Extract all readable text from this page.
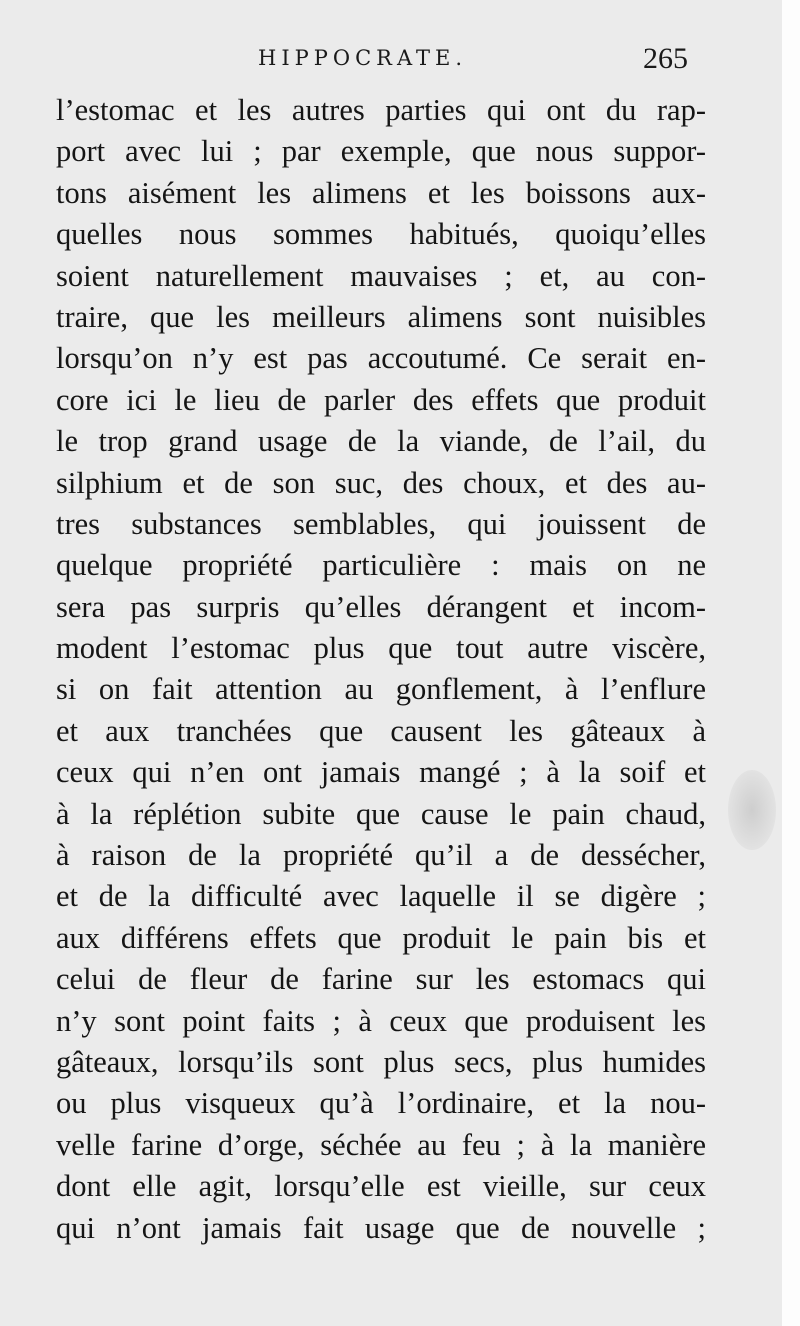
HIPPOCRATE.	265
l’estomac et les autres parties qui ont du rap-
port avec lui ; par exemple, que nous suppor-
tons aisément les alimens et les boissons aux-
quelles nous sommes habitués, quoiqu’elles
soient naturellement mauvaises ; et, au con-
traire, que les meilleurs alimens sont nuisibles
lorsqu’on n’y est pas accoutumé. Ce serait en-
core ici le lieu de parler des effets que produit
le trop grand usage de la viande, de l’ail, du
silphium et de son suc, des choux, et des au-
tres substances semblables, qui jouissent de
quelque propriété particulière : mais on ne
sera pas surpris qu’elles dérangent et incom-
modent l’estomac plus que tout autre viscère,
si on fait attention au gonflement, à l’enflure
et aux tranchées que causent les gâteaux à
ceux qui n’en ont jamais mangé ; à la soif et
à la réplétion subite que cause le pain chaud,
à raison de la propriété qu’il a de dessécher,
et de la difficulté avec laquelle il se digère ;
aux différens effets que produit le pain bis et
celui de fleur de farine sur les estomacs qui
n’y sont point faits ; à ceux que produisent les
gâteaux, lorsqu’ils sont plus secs, plus humides
ou plus visqueux qu’à l’ordinaire, et la nou-
velle farine d’orge, séchée au feu ; à la manière
dont elle agit, lorsqu’elle est vieille, sur ceux
qui n’ont jamais fait usage que de nouvelle ;
